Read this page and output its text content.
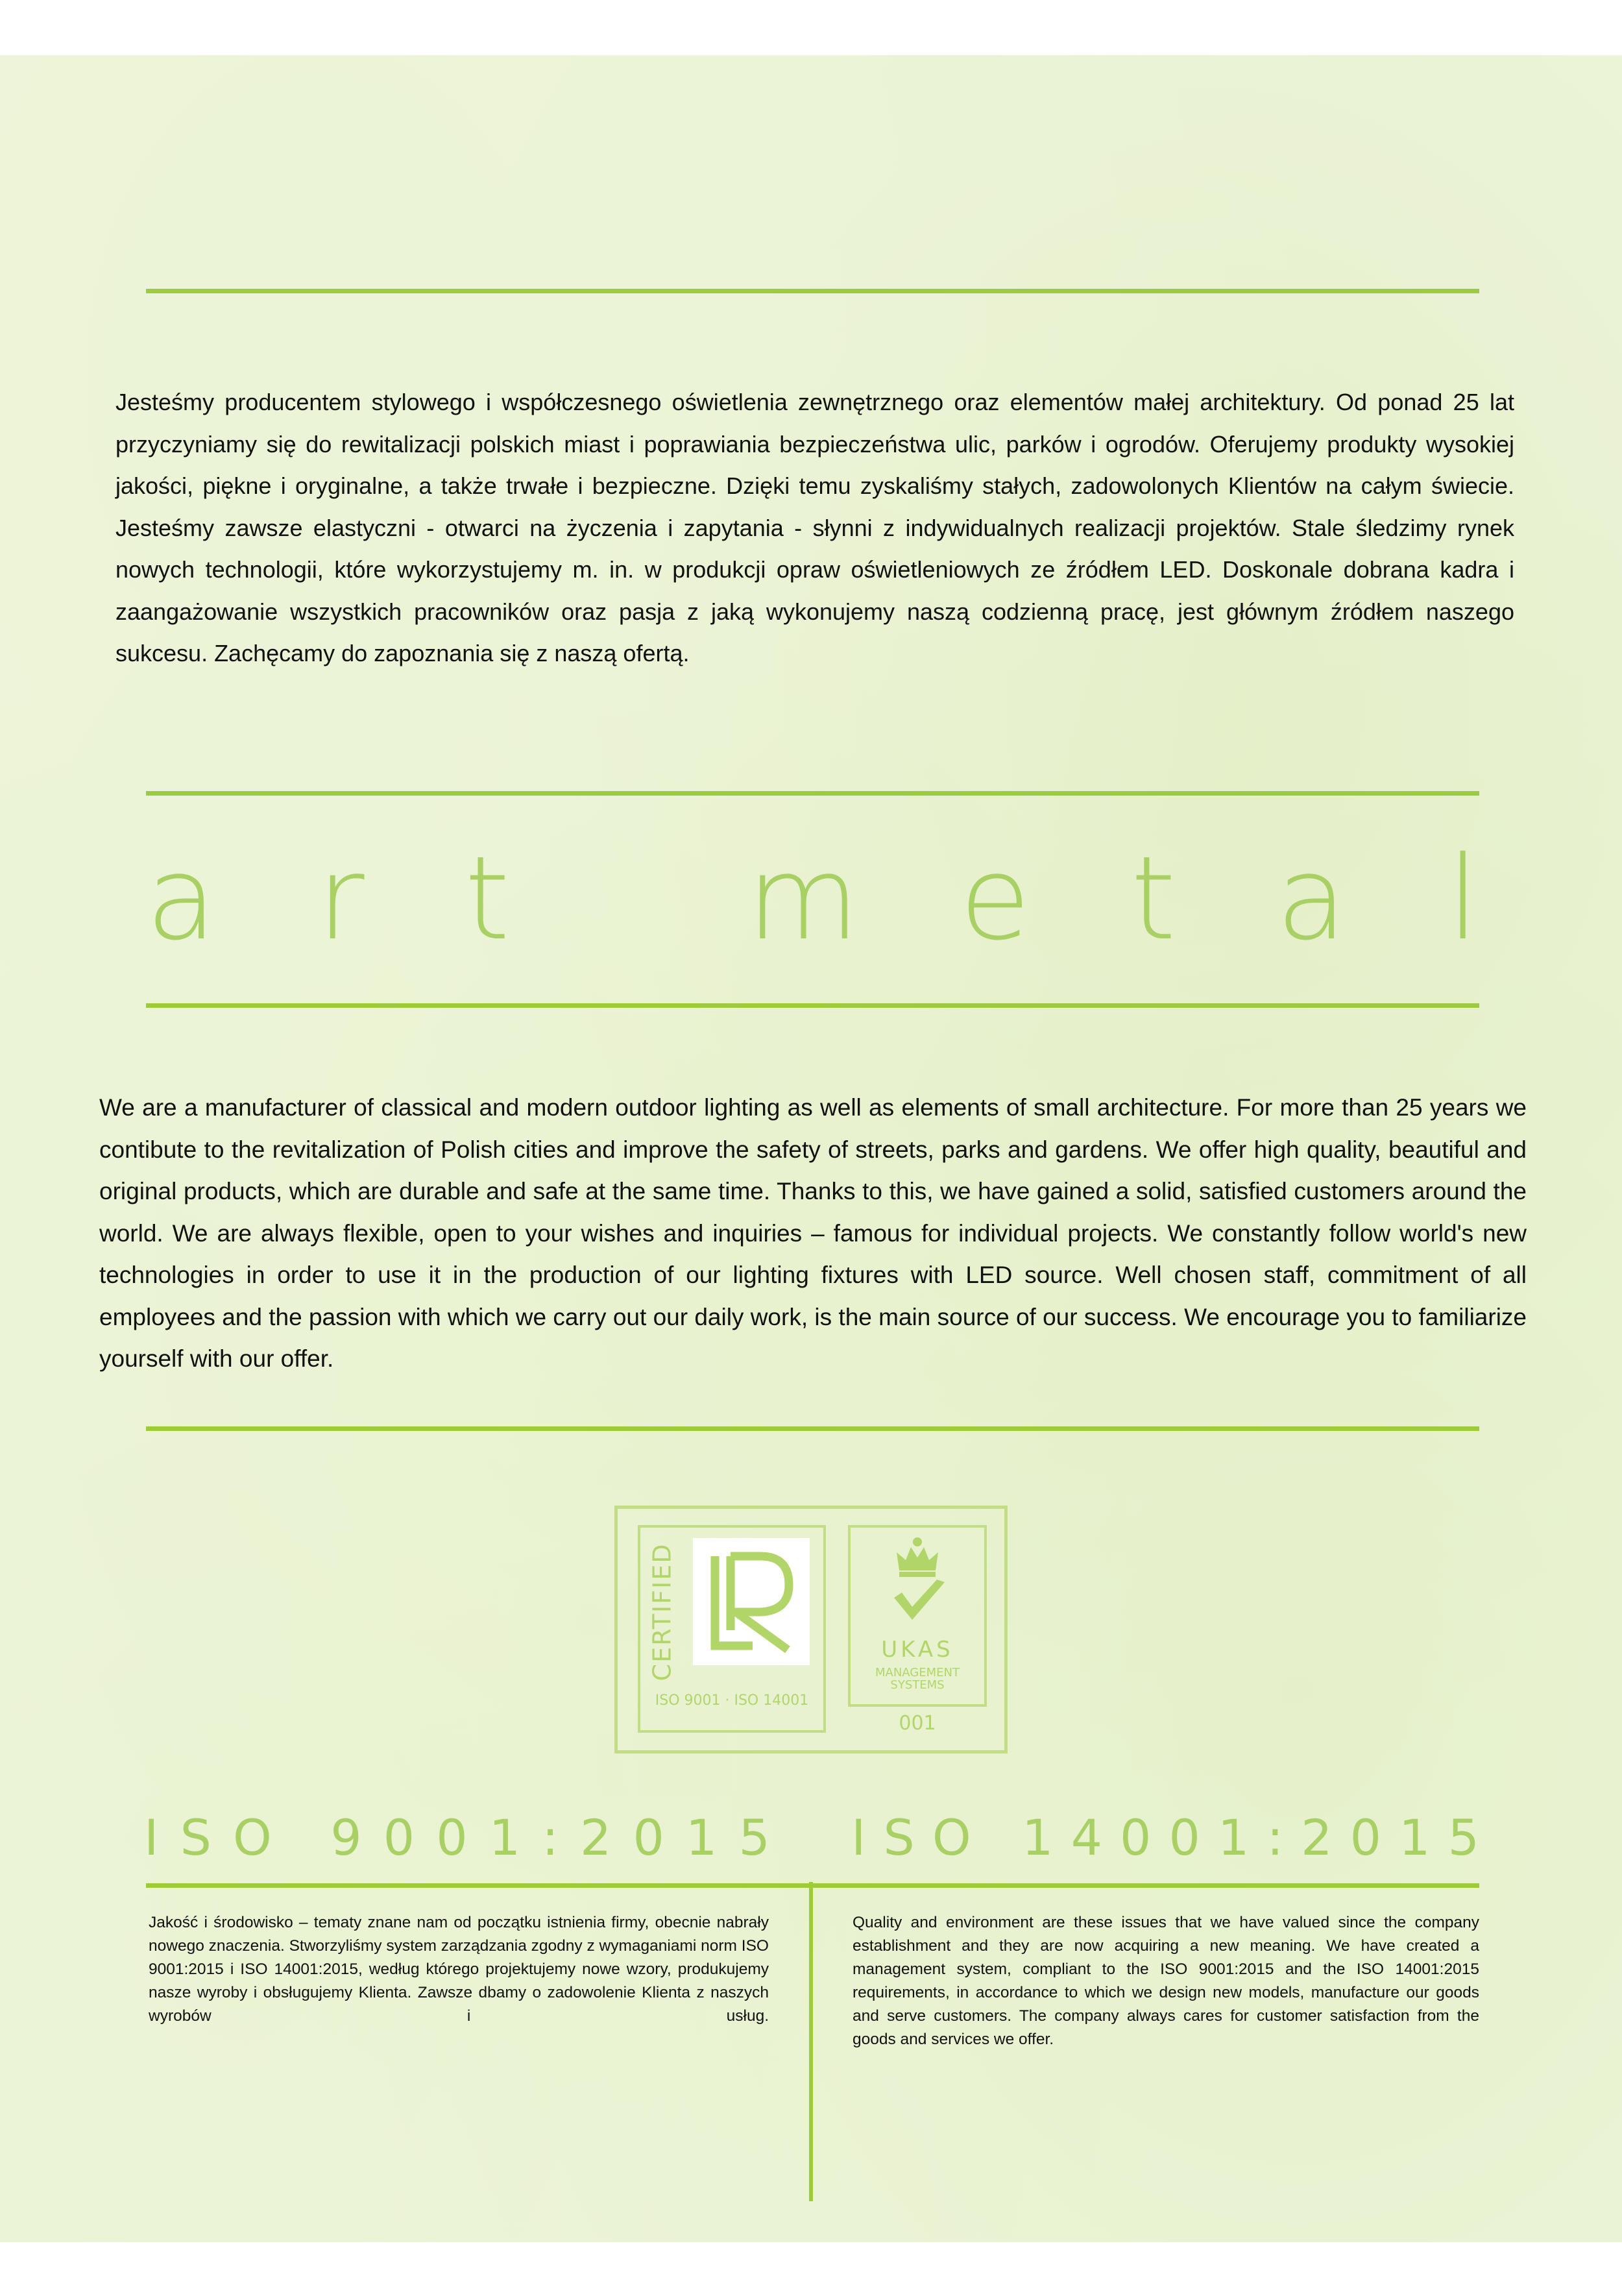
Jesteśmy producentem stylowego i współczesnego oświetlenia zewnętrznego oraz elementów małej architektury. Od ponad 25 lat przyczyniamy się do rewitalizacji polskich miast i poprawiania bezpieczeństwa ulic, parków i ogrodów. Oferujemy produkty wysokiej jakości, piękne i oryginalne, a także trwałe i bezpieczne. Dzięki temu zyskaliśmy stałych, zadowolonych Klientów na całym świecie. Jesteśmy zawsze elastyczni - otwarci na życzenia i zapytania - słynni z indywidualnych realizacji projektów. Stale śledzimy rynek nowych technologii, które wykorzystujemy m. in. w produkcji opraw oświetleniowych ze źródłem LED. Doskonale dobrana kadra i zaangażowanie wszystkich pracowników oraz pasja z jaką wykonujemy naszą codzienną pracę, jest głównym źródłem naszego sukcesu. Zachęcamy do zapoznania się z naszą ofertą.

a r t
m e t a l

We are a manufacturer of classical and modern outdoor lighting as well as elements of small architecture. For more than 25 years we contibute to the revitalization of Polish cities and improve the safety of streets, parks and gardens. We offer high quality, beautiful and original products, which are durable and safe at the same time. Thanks to this, we have gained a solid, satisfied customers around the world. We are always flexible, open to your wishes and inquiries – famous for individual projects. We constantly follow world's new technologies in order to use it in the production of our lighting fixtures with LED source. Well chosen staff, commitment of all employees and the passion with which we carry out our daily work, is the main source of our success. We encourage you to familiarize yourself with our offer.

CERTIFIED
ISO 9001 · ISO 14001
UKAS
MANAGEMENT
SYSTEMS
001
I S O
9 0 0 1 : 2 0 1 5 I S O
1 4 0 0 1 : 2 0 1 5

Jakość i środowisko – tematy znane nam od początku istnienia firmy, obecnie nabrały nowego znaczenia. Stworzyliśmy system zarządzania zgodny z wymaganiami norm ISO 9001:2015 i ISO 14001:2015, według którego projektujemy nowe wzory, produkujemy nasze wyroby i obsługujemy Klienta. Zawsze dbamy o zadowolenie Klienta z naszych wyrobów i usług.

Quality and environment are these issues that we have valued since the company establishment and they are now acquiring a new meaning. We have created a management system, compliant to the ISO 9001:2015 and the ISO 14001:2015 requirements, in accordance to which we design new models, manufacture our goods and serve customers. The company always cares for customer satisfaction from the goods and services we offer.
